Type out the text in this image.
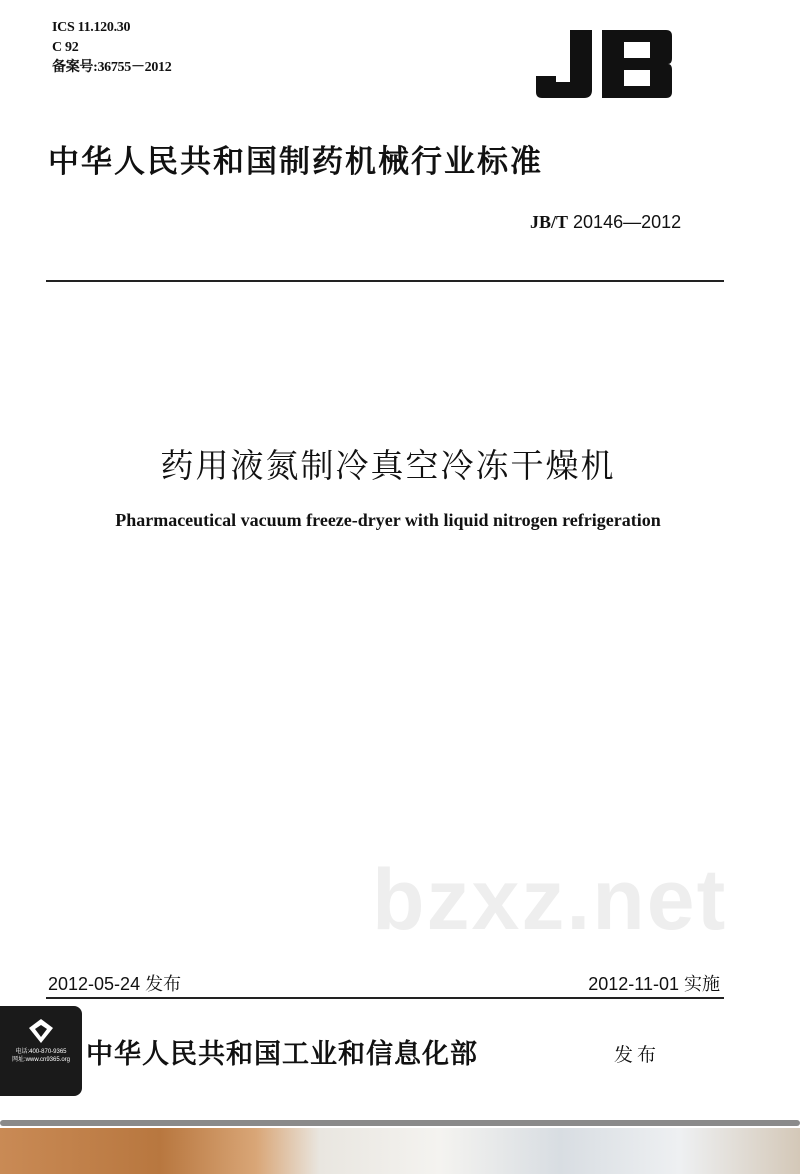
ICS 11.120.30
C 92
备案号:36755－2012
中华人民共和国制药机械行业标准
JB/T 20146—2012
药用液氮制冷真空冷冻干燥机
Pharmaceutical vacuum freeze-dryer with liquid nitrogen refrigeration
bzxz.net
2012-05-24 发布	2012-11-01 实施
电话:400-870-9365
网址:www.cn9365.org 中华人民共和国工业和信息化部	发布
